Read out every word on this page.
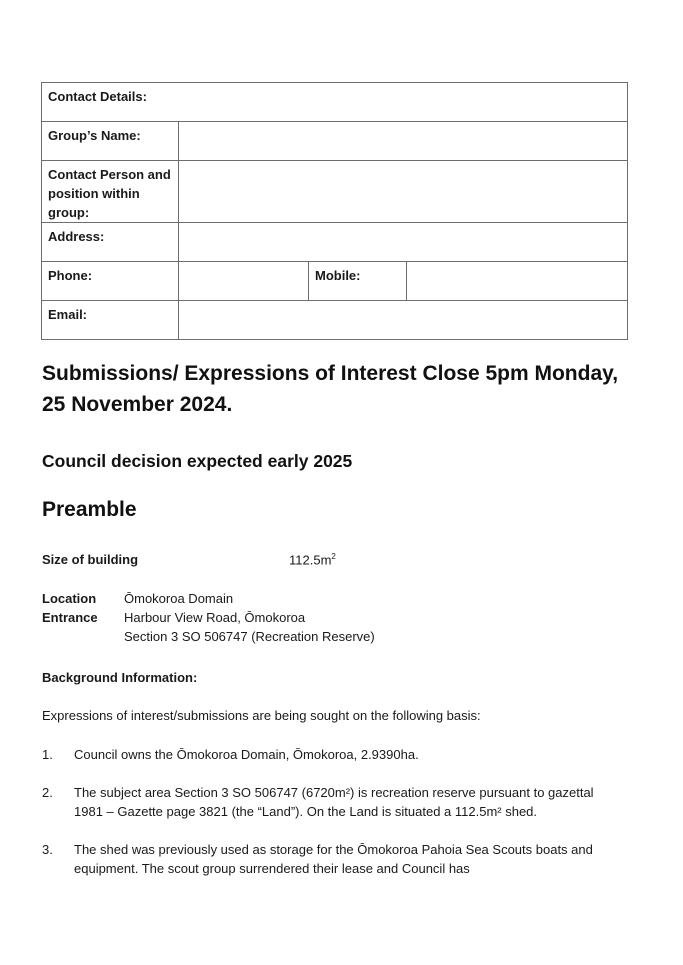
Contact Details:			
Group’s Name:			
Contact Person and position within group:			
Address:			
Phone:		Mobile:	
Email:			
Submissions/ Expressions of Interest Close 5pm Monday, 25 November 2024.
Council decision expected early 2025
Preamble
Size of building	$112.5m^2$
Location Ōmokoroa Domain
Entrance Harbour View Road, Ōmokoroa
Section 3 SO 506747 (Recreation Reserve)
Background Information:
Expressions of interest/submissions are being sought on the following basis:
1. Council owns the Ōmokoroa Domain, Ōmokoroa, 2.9390ha.
2. The subject area Section 3 SO 506747 (6720m²) is recreation reserve pursuant to gazettal 1981 – Gazette page 3821 (the “Land”). On the Land is situated a 112.5m² shed.
3. The shed was previously used as storage for the Ōmokoroa Pahoia Sea Scouts boats and equipment. The scout group surrendered their lease and Council has
